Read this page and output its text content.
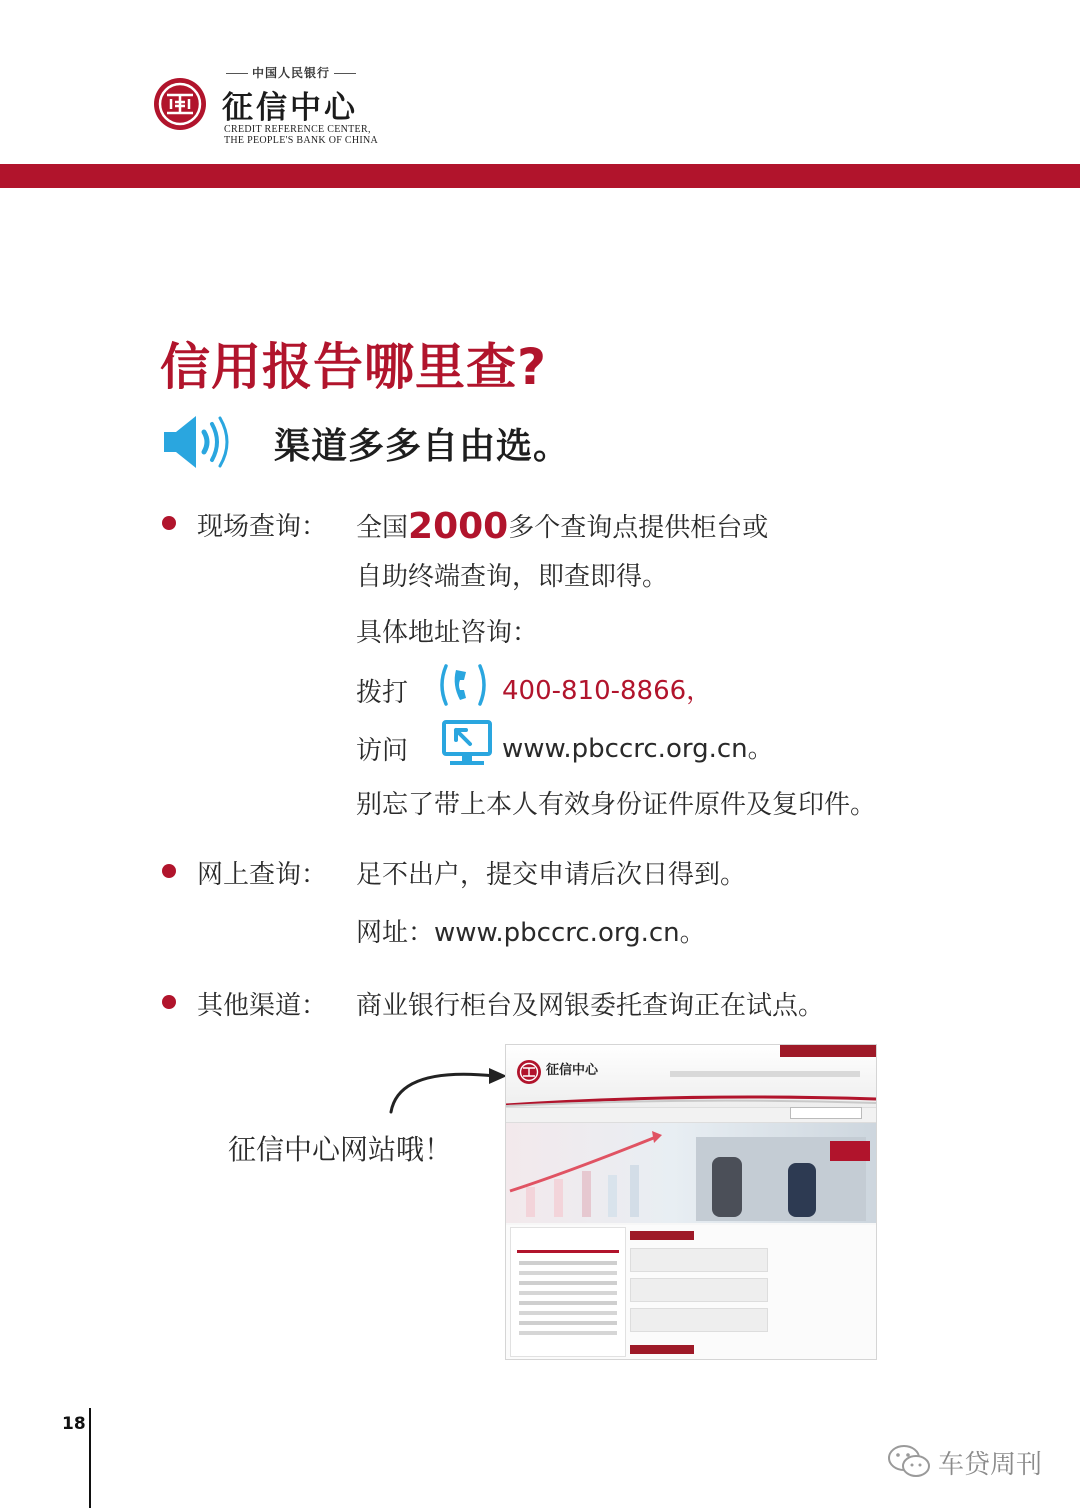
中国人民银行
征信中心
CREDIT REFERENCE CENTER,
THE PEOPLE'S BANK OF CHINA
信用报告哪里查?
渠道多多自由选。
现场查询： 全国2000多个查询点提供柜台或
自助终端查询，即查即得。
具体地址咨询：
拨打	400-810-8866，
访问	www.pbccrc.org.cn。
别忘了带上本人有效身份证件原件及复印件。
网上查询： 足不出户，提交申请后次日得到。
网址：www.pbccrc.org.cn。
其他渠道： 商业银行柜台及网银委托查询正在试点。
征信中心网站哦！
征信中心
18
车贷周刊
